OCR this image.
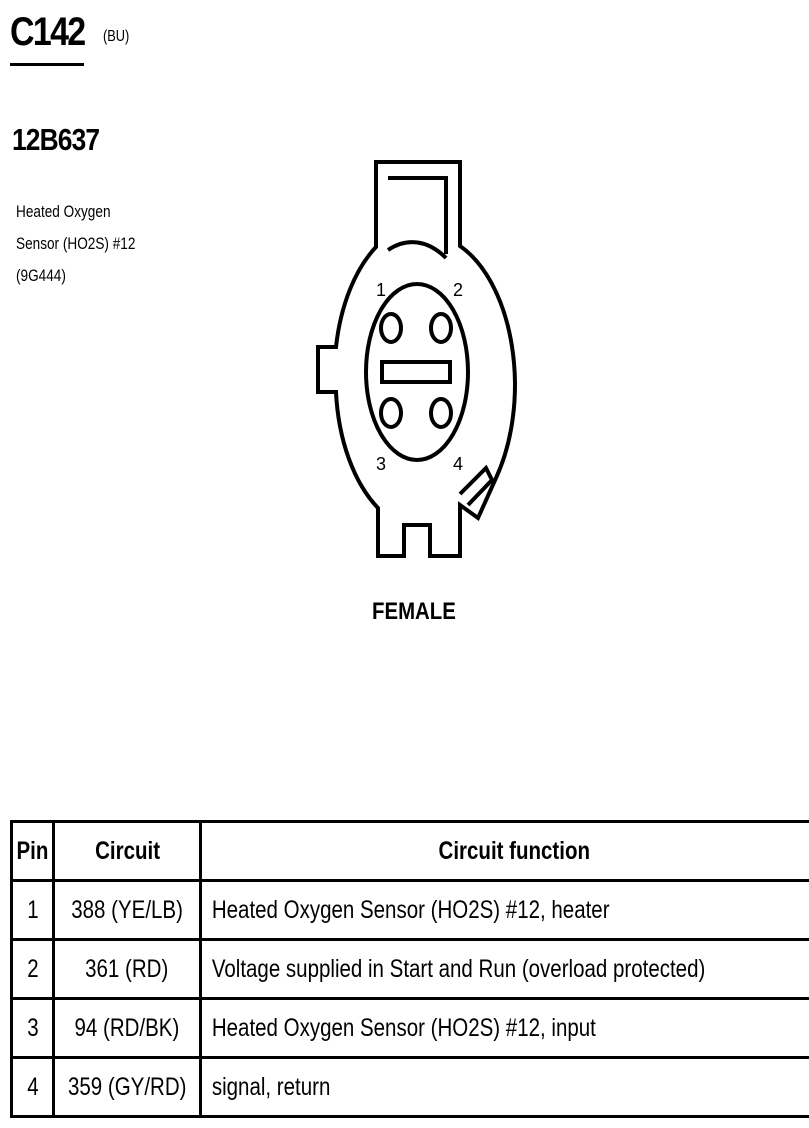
C142 (BU)
12B637
Heated Oxygen
Sensor (HO2S) #12
(9G444)
1	2
3	4
FEMALE
Pin	Circuit	Circuit function
1	388 (YE/LB)	Heated Oxygen Sensor (HO2S) #12, heater
2	361 (RD)	Voltage supplied in Start and Run (overload protected)
3	94 (RD/BK)	Heated Oxygen Sensor (HO2S) #12, input
4	359 (GY/RD)	signal, return
